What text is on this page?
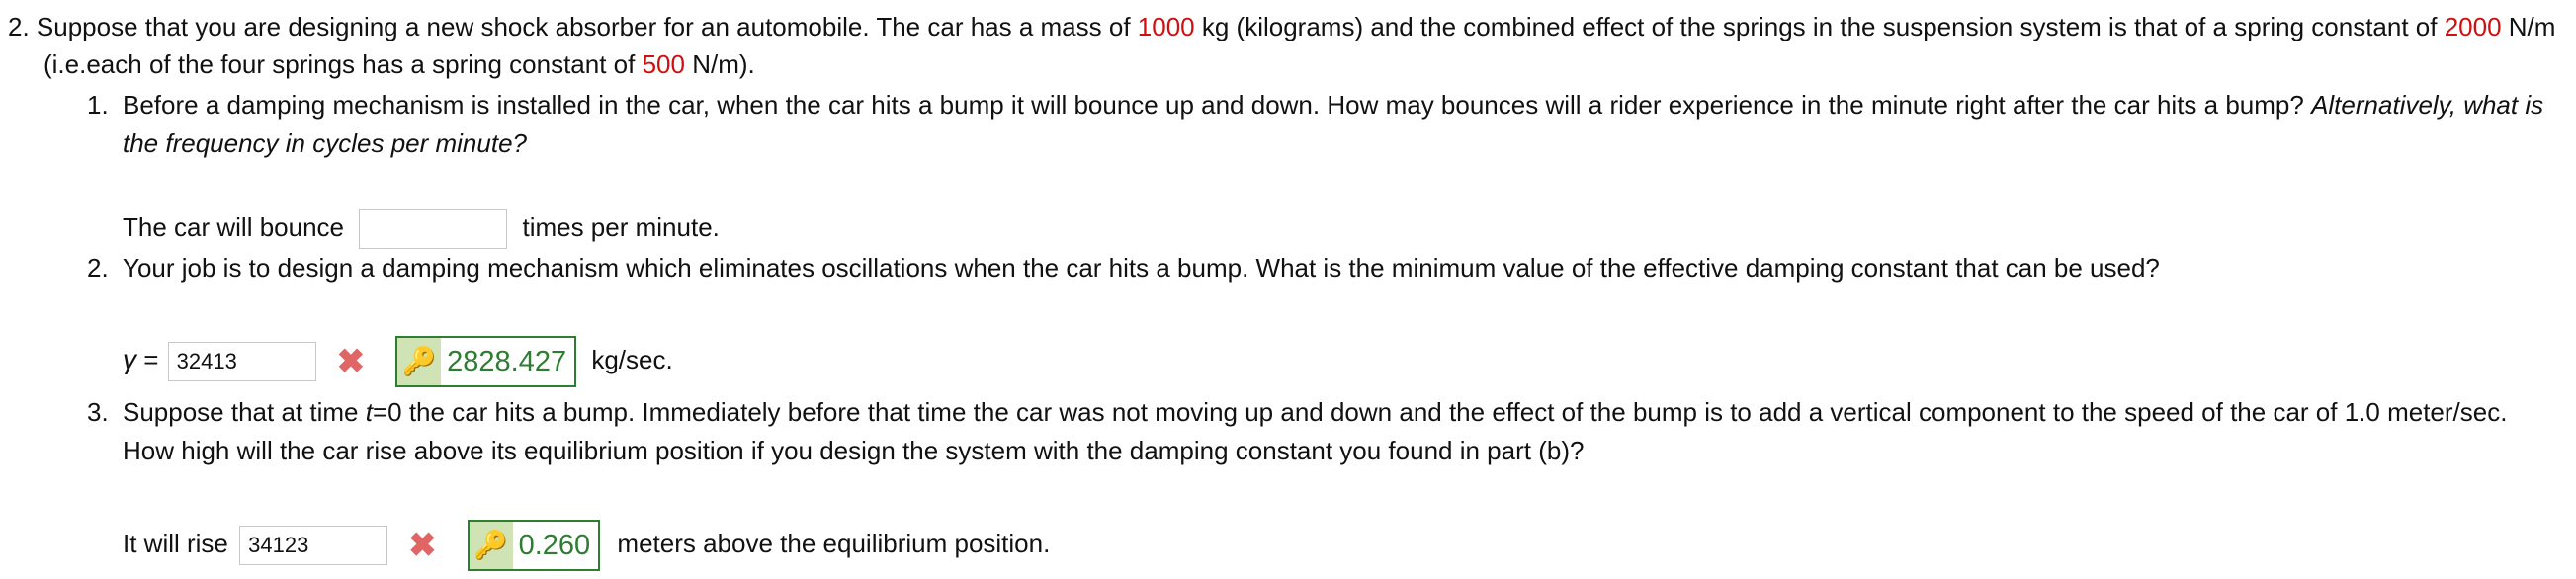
2. Suppose that you are designing a new shock absorber for an automobile. The car has a mass of 1000 kg (kilograms) and the combined effect of the springs in the suspension system is that of a spring constant of 2000 N/m
(i.e.each of the four springs has a spring constant of 500 N/m).
1. Before a damping mechanism is installed in the car, when the car hits a bump it will bounce up and down. How may bounces will a rider experience in the minute right after the car hits a bump? Alternatively, what is
the frequency in cycles per minute?
The car will bounce	times per minute.
2. Your job is to design a damping mechanism which eliminates oscillations when the car hits a bump. What is the minimum value of the effective damping constant that can be used?
γ = 32413	✖ 🔑 2828.427 kg/sec.
3. Suppose that at time t=0 the car hits a bump. Immediately before that time the car was not moving up and down and the effect of the bump is to add a vertical component to the speed of the car of 1.0 meter/sec.
How high will the car rise above its equilibrium position if you design the system with the damping constant you found in part (b)?
It will rise 34123	✖ 🔑 0.260 meters above the equilibrium position.
